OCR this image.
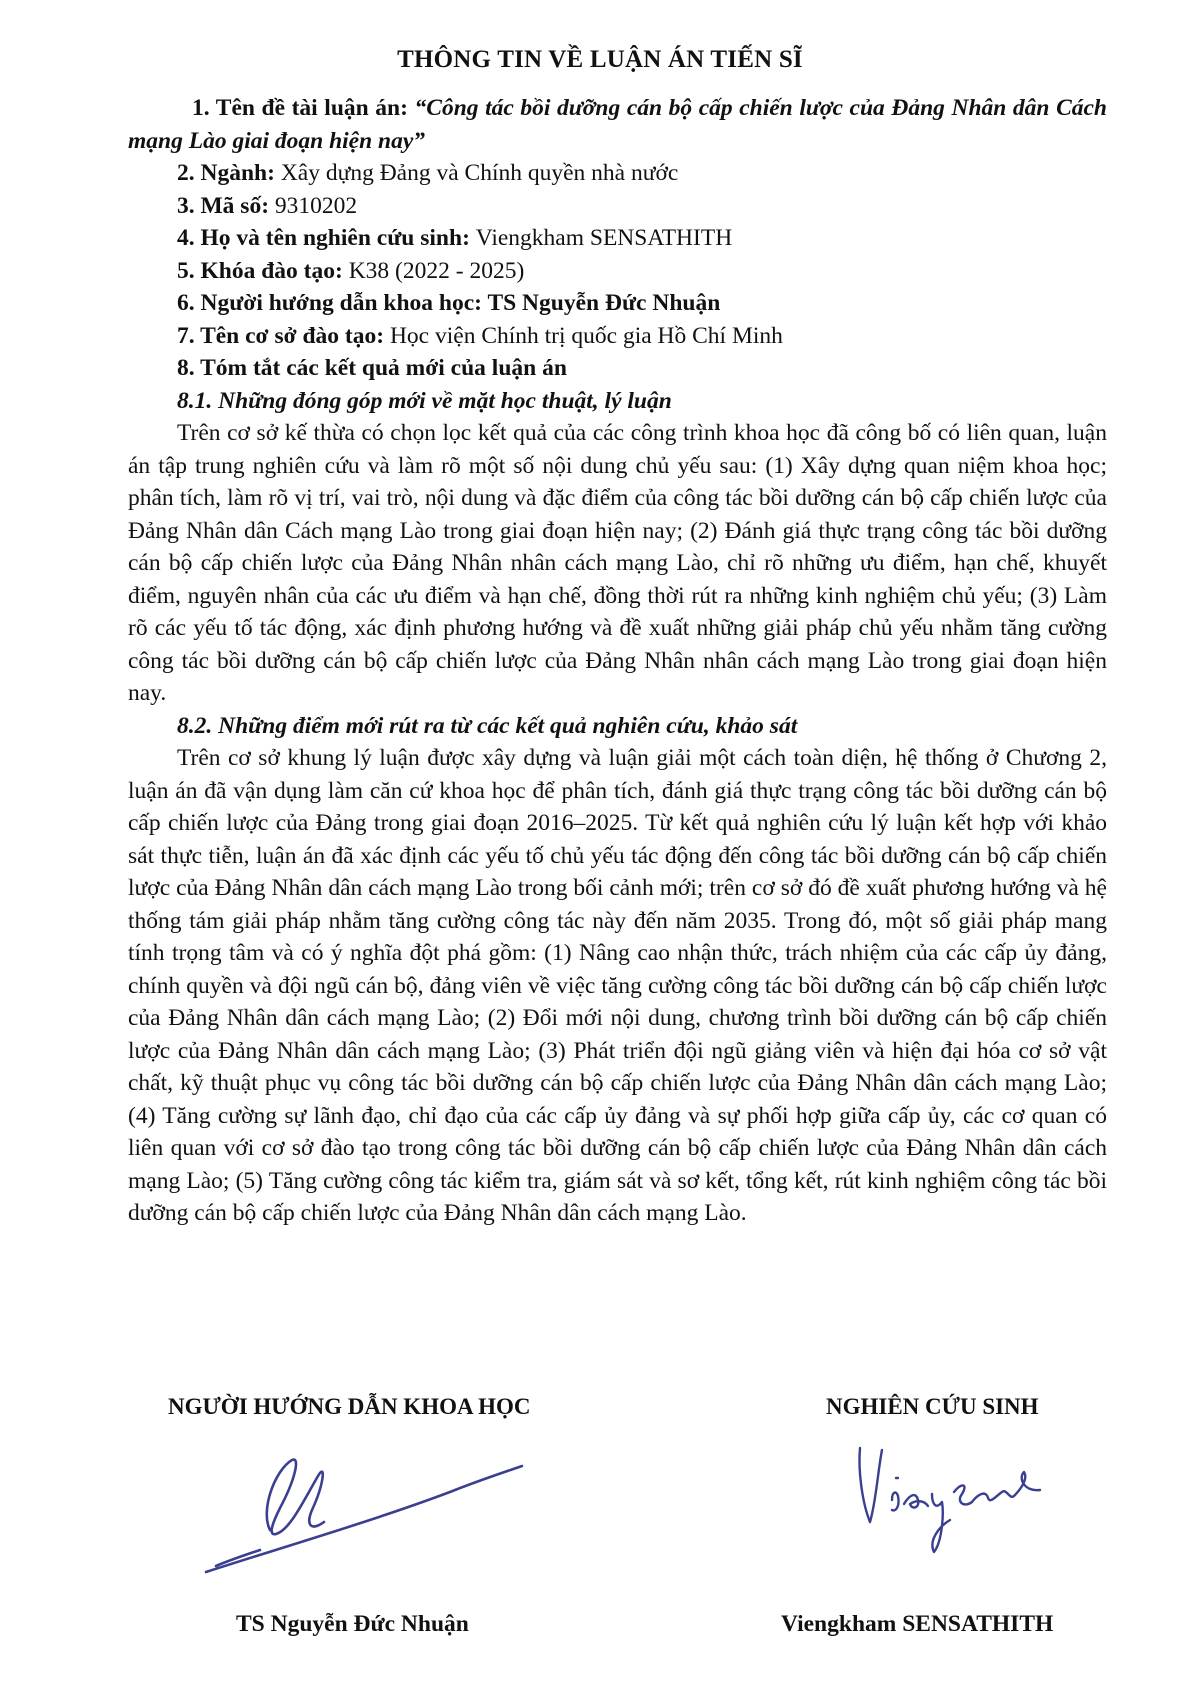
THÔNG TIN VỀ LUẬN ÁN TIẾN SĨ

1. Tên đề tài luận án: “Công tác bồi dưỡng cán bộ cấp chiến lược của Đảng Nhân dân Cách mạng Lào giai đoạn hiện nay”

2. Ngành: Xây dựng Đảng và Chính quyền nhà nước

3. Mã số: 9310202

4. Họ và tên nghiên cứu sinh: Viengkham SENSATHITH

5. Khóa đào tạo: K38 (2022 - 2025)

6. Người hướng dẫn khoa học: TS Nguyễn Đức Nhuận

7. Tên cơ sở đào tạo: Học viện Chính trị quốc gia Hồ Chí Minh

8. Tóm tắt các kết quả mới của luận án

8.1. Những đóng góp mới về mặt học thuật, lý luận

Trên cơ sở kế thừa có chọn lọc kết quả của các công trình khoa học đã công bố có liên quan, luận án tập trung nghiên cứu và làm rõ một số nội dung chủ yếu sau: (1) Xây dựng quan niệm khoa học; phân tích, làm rõ vị trí, vai trò, nội dung và đặc điểm của công tác bồi dưỡng cán bộ cấp chiến lược của Đảng Nhân dân Cách mạng Lào trong giai đoạn hiện nay; (2) Đánh giá thực trạng công tác bồi dưỡng cán bộ cấp chiến lược của Đảng Nhân nhân cách mạng Lào, chỉ rõ những ưu điểm, hạn chế, khuyết điểm, nguyên nhân của các ưu điểm và hạn chế, đồng thời rút ra những kinh nghiệm chủ yếu; (3) Làm rõ các yếu tố tác động, xác định phương hướng và đề xuất những giải pháp chủ yếu nhằm tăng cường công tác bồi dưỡng cán bộ cấp chiến lược của Đảng Nhân nhân cách mạng Lào trong giai đoạn hiện nay.

8.2. Những điểm mới rút ra từ các kết quả nghiên cứu, khảo sát

Trên cơ sở khung lý luận được xây dựng và luận giải một cách toàn diện, hệ thống ở Chương 2, luận án đã vận dụng làm căn cứ khoa học để phân tích, đánh giá thực trạng công tác bồi dưỡng cán bộ cấp chiến lược của Đảng trong giai đoạn 2016–2025. Từ kết quả nghiên cứu lý luận kết hợp với khảo sát thực tiễn, luận án đã xác định các yếu tố chủ yếu tác động đến công tác bồi dưỡng cán bộ cấp chiến lược của Đảng Nhân dân cách mạng Lào trong bối cảnh mới; trên cơ sở đó đề xuất phương hướng và hệ thống tám giải pháp nhằm tăng cường công tác này đến năm 2035. Trong đó, một số giải pháp mang tính trọng tâm và có ý nghĩa đột phá gồm: (1) Nâng cao nhận thức, trách nhiệm của các cấp ủy đảng, chính quyền và đội ngũ cán bộ, đảng viên về việc tăng cường công tác bồi dưỡng cán bộ cấp chiến lược của Đảng Nhân dân cách mạng Lào; (2) Đổi mới nội dung, chương trình bồi dưỡng cán bộ cấp chiến lược của Đảng Nhân dân cách mạng Lào; (3) Phát triển đội ngũ giảng viên và hiện đại hóa cơ sở vật chất, kỹ thuật phục vụ công tác bồi dưỡng cán bộ cấp chiến lược của Đảng Nhân dân cách mạng Lào; (4) Tăng cường sự lãnh đạo, chỉ đạo của các cấp ủy đảng và sự phối hợp giữa cấp ủy, các cơ quan có liên quan với cơ sở đào tạo trong công tác bồi dưỡng cán bộ cấp chiến lược của Đảng Nhân dân cách mạng Lào; (5) Tăng cường công tác kiểm tra, giám sát và sơ kết, tổng kết, rút kinh nghiệm công tác bồi dưỡng cán bộ cấp chiến lược của Đảng Nhân dân cách mạng Lào.

NGƯỜI HƯỚNG DẪN KHOA HỌC	NGHIÊN CỨU SINH
TS Nguyễn Đức Nhuận	Viengkham SENSATHITH
